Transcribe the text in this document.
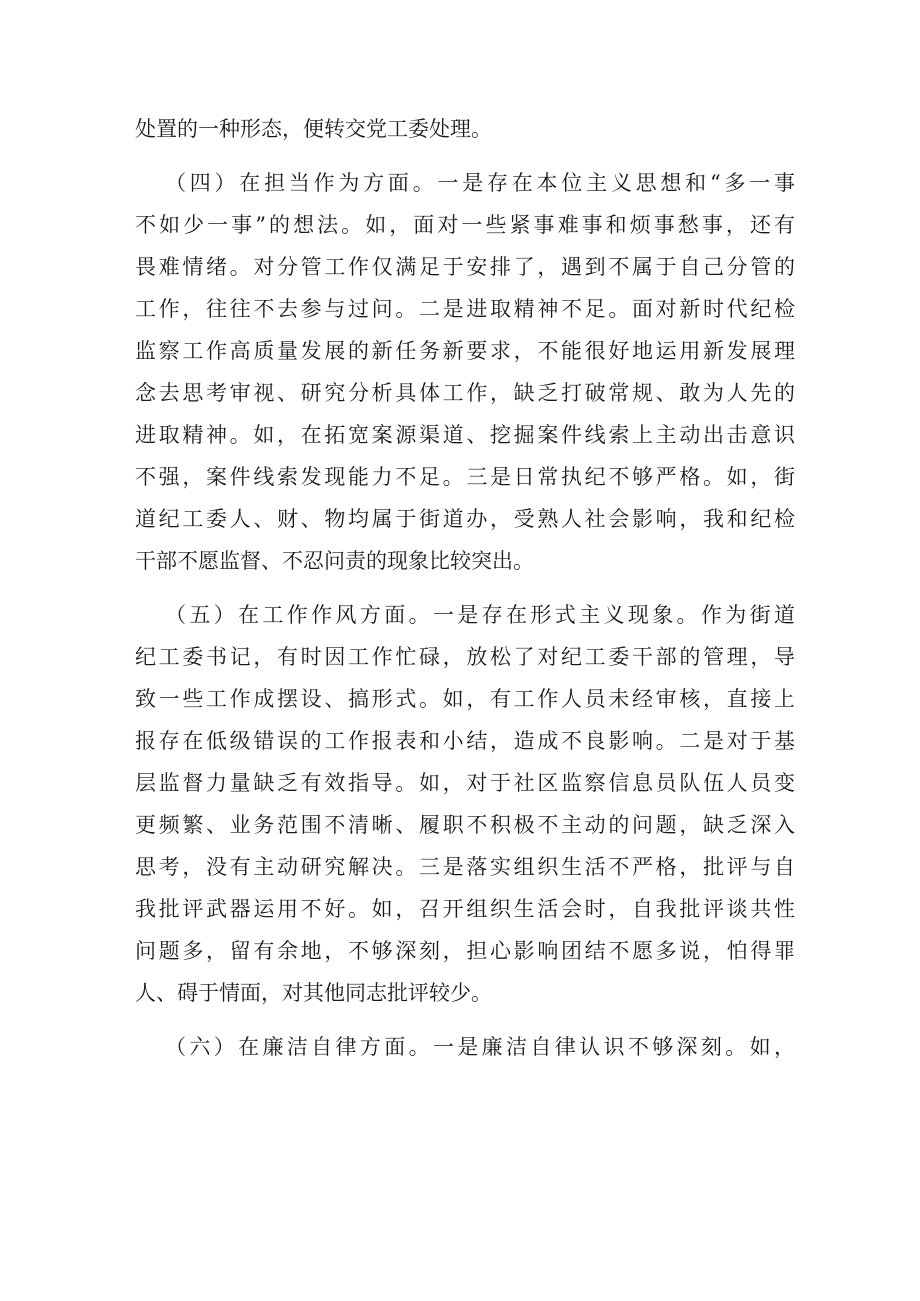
处置的一种形态，便转交党工委处理。
（四）在担当作为方面。一是存在本位主义思想和“多一事
不如少一事”的想法。如，面对一些紧事难事和烦事愁事，还有
畏难情绪。对分管工作仅满足于安排了，遇到不属于自己分管的
工作，往往不去参与过问。二是进取精神不足。面对新时代纪检
监察工作高质量发展的新任务新要求，不能很好地运用新发展理
念去思考审视、研究分析具体工作，缺乏打破常规、敢为人先的
进取精神。如，在拓宽案源渠道、挖掘案件线索上主动出击意识
不强，案件线索发现能力不足。三是日常执纪不够严格。如，街
道纪工委人、财、物均属于街道办，受熟人社会影响，我和纪检
干部不愿监督、不忍问责的现象比较突出。
（五）在工作作风方面。一是存在形式主义现象。作为街道
纪工委书记，有时因工作忙碌，放松了对纪工委干部的管理，导
致一些工作成摆设、搞形式。如，有工作人员未经审核，直接上
报存在低级错误的工作报表和小结，造成不良影响。二是对于基
层监督力量缺乏有效指导。如，对于社区监察信息员队伍人员变
更频繁、业务范围不清晰、履职不积极不主动的问题，缺乏深入
思考，没有主动研究解决。三是落实组织生活不严格，批评与自
我批评武器运用不好。如，召开组织生活会时，自我批评谈共性
问题多，留有余地，不够深刻，担心影响团结不愿多说，怕得罪
人、碍于情面，对其他同志批评较少。
（六）在廉洁自律方面。一是廉洁自律认识不够深刻。如，
